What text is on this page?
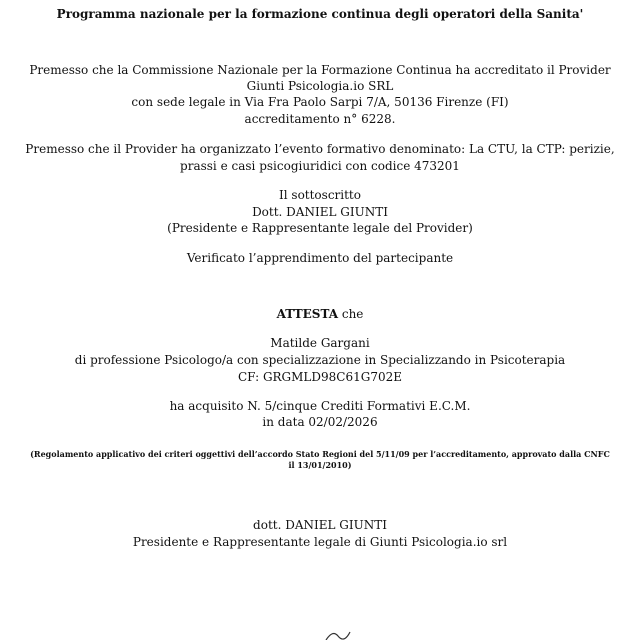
Programma nazionale per la formazione continua degli operatori della Sanita'
Premesso che la Commissione Nazionale per la Formazione Continua ha accreditato il Provider
Giunti Psicologia.io SRL
con sede legale in Via Fra Paolo Sarpi 7/A, 50136 Firenze (FI)
accreditamento n° 6228.
Premesso che il Provider ha organizzato l’evento formativo denominato: La CTU, la CTP: perizie,
prassi e casi psicogiuridici con codice 473201
Il sottoscritto
Dott. DANIEL GIUNTI
(Presidente e Rappresentante legale del Provider)
Verificato l’apprendimento del partecipante
ATTESTA che
Matilde Gargani
di professione Psicologo/a con specializzazione in Specializzando in Psicoterapia
CF: GRGMLD98C61G702E
ha acquisito N. 5/cinque Crediti Formativi E.C.M.
in data 02/02/2026
(Regolamento applicativo dei criteri oggettivi dell’accordo Stato Regioni del 5/11/09 per l’accreditamento, approvato dalla CNFC
il 13/01/2010)
dott. DANIEL GIUNTI
Presidente e Rappresentante legale di Giunti Psicologia.io srl
